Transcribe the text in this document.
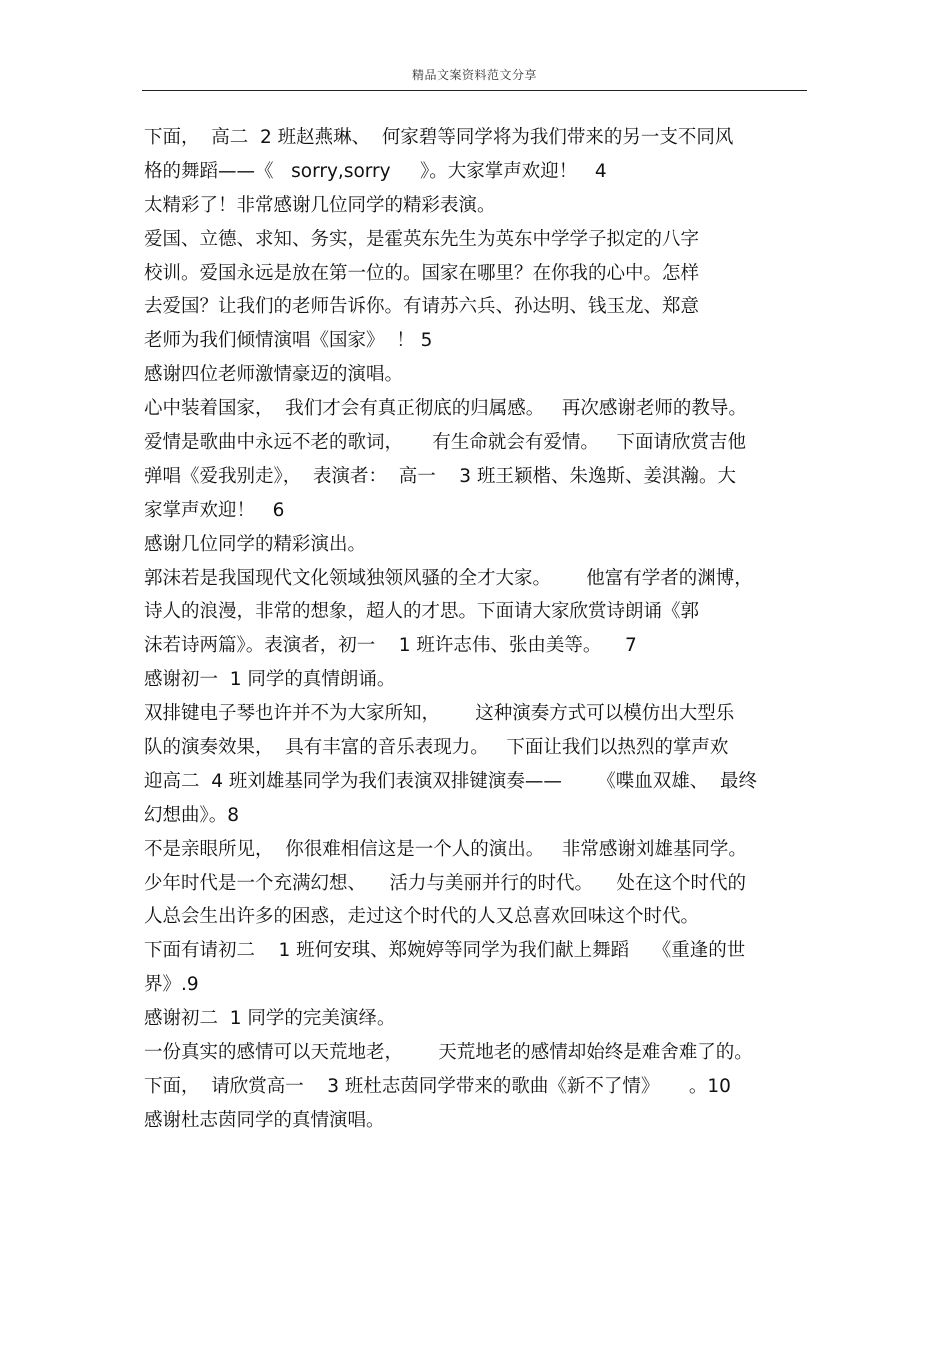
精品文案资料范文分享
下面，  高二  2 班赵燕琳、  何家碧等同学将为我们带来的另一支不同风
格的舞蹈——《   sorry,sorry     》。大家掌声欢迎！   4
太精彩了！非常感谢几位同学的精彩表演。
爱国、立德、求知、务实，是霍英东先生为英东中学学子拟定的八字
校训。爱国永远是放在第一位的。国家在哪里？在你我的心中。怎样
去爱国？让我们的老师告诉你。有请苏六兵、孙达明、钱玉龙、郑意
老师为我们倾情演唱《国家》  ！ 5
感谢四位老师激情豪迈的演唱。
心中装着国家，  我们才会有真正彻底的归属感。   再次感谢老师的教导。
爱情是歌曲中永远不老的歌词，     有生命就会有爱情。   下面请欣赏吉他
弹唱《爱我别走》，  表演者：  高一    3 班王颖楷、朱逸斯、姜淇瀚。大
家掌声欢迎！   6
感谢几位同学的精彩演出。
郭沫若是我国现代文化领域独领风骚的全才大家。      他富有学者的渊博，
诗人的浪漫，非常的想象，超人的才思。下面请大家欣赏诗朗诵《郭
沫若诗两篇》。表演者，初一    1 班许志伟、张由美等。    7
感谢初一  1 同学的真情朗诵。
双排键电子琴也许并不为大家所知，      这种演奏方式可以模仿出大型乐
队的演奏效果，  具有丰富的音乐表现力。   下面让我们以热烈的掌声欢
迎高二  4 班刘雄基同学为我们表演双排键演奏——      《喋血双雄、  最终
幻想曲》。8
不是亲眼所见，  你很难相信这是一个人的演出。   非常感谢刘雄基同学。
少年时代是一个充满幻想、    活力与美丽并行的时代。    处在这个时代的
人总会生出许多的困惑，走过这个时代的人又总喜欢回味这个时代。
下面有请初二    1 班何安琪、郑婉婷等同学为我们献上舞蹈    《重逢的世
界》.9
感谢初二  1 同学的完美演绎。
一份真实的感情可以天荒地老，      天荒地老的感情却始终是难舍难了的。
下面，  请欣赏高一    3 班杜志茵同学带来的歌曲《新不了情》     。10
感谢杜志茵同学的真情演唱。
